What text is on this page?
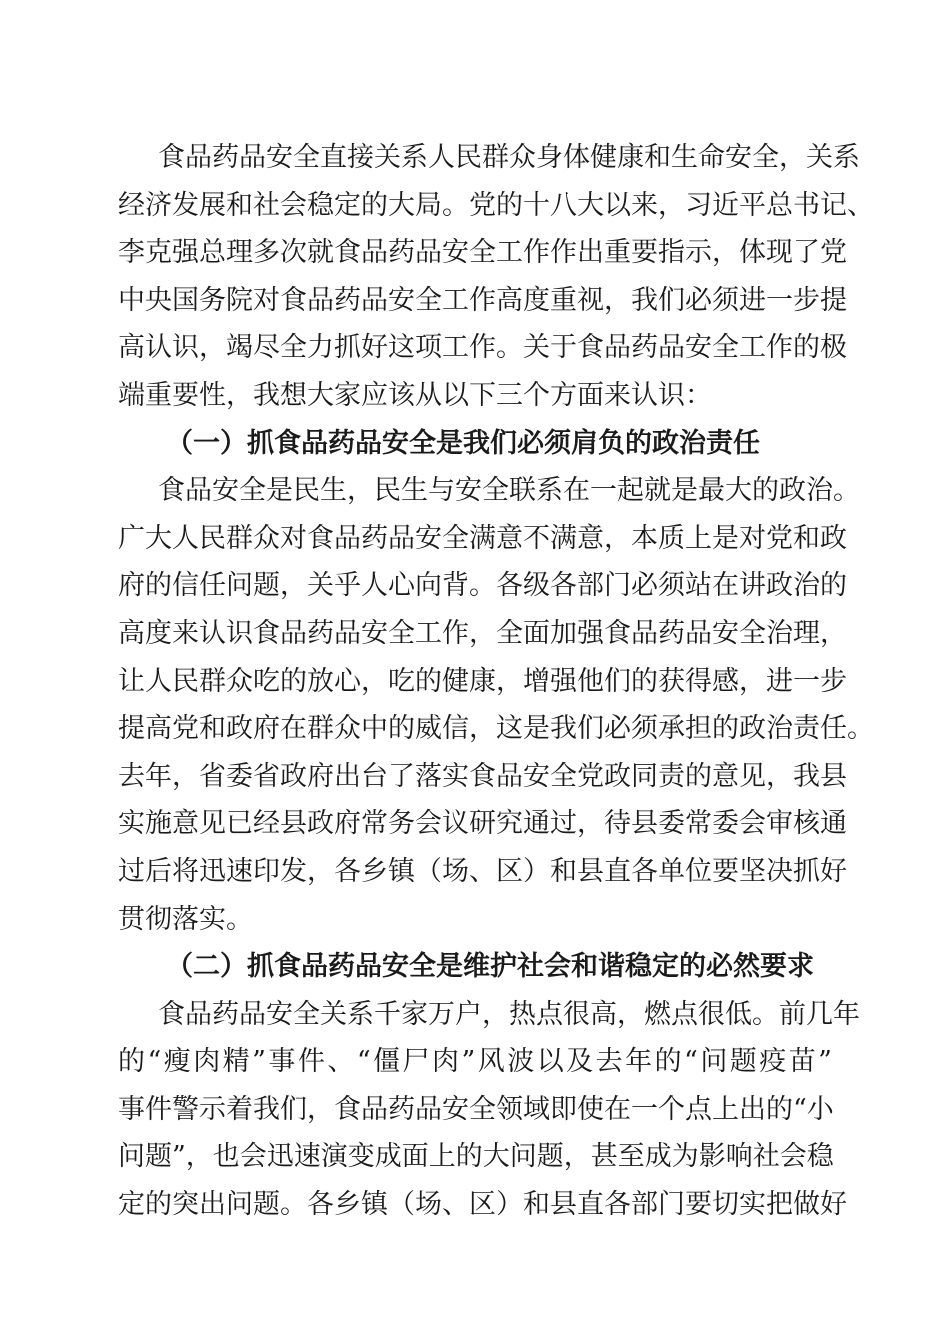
食品药品安全直接关系人民群众身体健康和生命安全，关系
经济发展和社会稳定的大局。党的十八大以来，习近平总书记、
李克强总理多次就食品药品安全工作作出重要指示，体现了党
中央国务院对食品药品安全工作高度重视，我们必须进一步提
高认识，竭尽全力抓好这项工作。关于食品药品安全工作的极
端重要性，我想大家应该从以下三个方面来认识：
（一）抓食品药品安全是我们必须肩负的政治责任
食品安全是民生，民生与安全联系在一起就是最大的政治。
广大人民群众对食品药品安全满意不满意，本质上是对党和政
府的信任问题，关乎人心向背。各级各部门必须站在讲政治的
高度来认识食品药品安全工作，全面加强食品药品安全治理，
让人民群众吃的放心，吃的健康，增强他们的获得感，进一步
提高党和政府在群众中的威信，这是我们必须承担的政治责任。
去年，省委省政府出台了落实食品安全党政同责的意见，我县
实施意见已经县政府常务会议研究通过，待县委常委会审核通
过后将迅速印发，各乡镇（场、区）和县直各单位要坚决抓好
贯彻落实。
（二）抓食品药品安全是维护社会和谐稳定的必然要求
食品药品安全关系千家万户，热点很高，燃点很低。前几年
的“瘦肉精”事件、“僵尸肉”风波以及去年的“问题疫苗”
事件警示着我们，食品药品安全领域即使在一个点上出的“小
问题”，也会迅速演变成面上的大问题，甚至成为影响社会稳
定的突出问题。各乡镇（场、区）和县直各部门要切实把做好
